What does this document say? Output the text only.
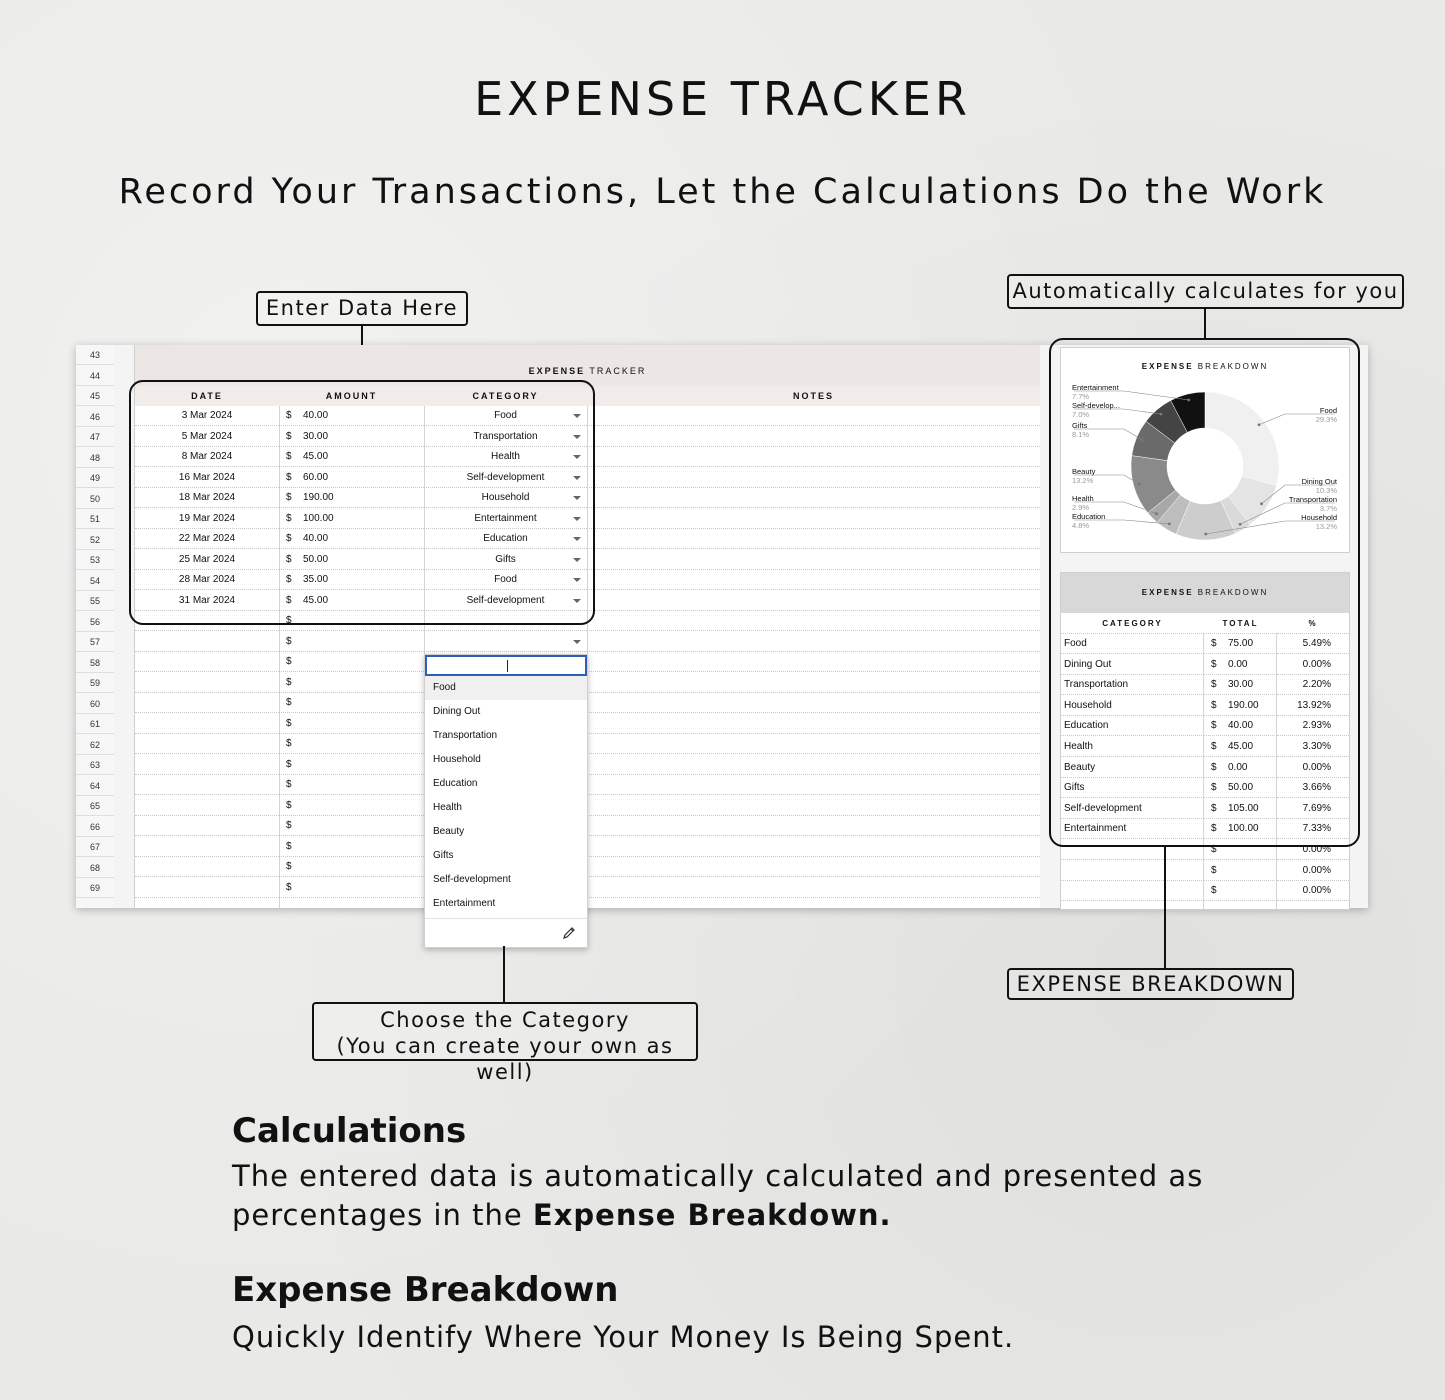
EXPENSE TRACKER
Record Your Transactions, Let the Calculations Do the Work
Enter Data Here
Automatically calculates for you
43
44
45
46
47
48
49
50
51
52
53
54
55
56
57
58
59
60
61
62
63
64
65
66
67
68
69
EXPENSE TRACKER
DATE	AMOUNT	CATEGORY	NOTES
3 Mar 2024	$ 40.00	Food
5 Mar 2024	$ 30.00	Transportation
8 Mar 2024	$ 45.00	Health
16 Mar 2024	$ 60.00	Self-development
18 Mar 2024	$ 190.00	Household
19 Mar 2024	$ 100.00	Entertainment
22 Mar 2024	$ 40.00	Education
25 Mar 2024	$ 50.00	Gifts
28 Mar 2024	$ 35.00	Food
31 Mar 2024	$ 45.00	Self-development
$
$
$
$
$
$
$
$
$
$
$
$
$
$
EXPENSE BREAKDOWN
Food
29.3%
Dining Out
10.3%
Transportation
3.7%
Household
13.2%
Education
4.8%
Health
2.9%
Beauty
13.2%
Gifts
8.1%
Self-develop...
7.0%
Entertainment
7.7%
EXPENSE BREAKDOWN
CATEGORY	TOTAL	%
Food	$ 75.00	5.49%
Dining Out	$ 0.00	0.00%
Transportation	$ 30.00	2.20%
Household	$ 190.00	13.92%
Education	$ 40.00	2.93%
Health	$ 45.00	3.30%
Beauty	$ 0.00	0.00%
Gifts	$ 50.00	3.66%
Self-development	$ 105.00	7.69%
Entertainment	$ 100.00	7.33%
$	0.00%
$	0.00%
$	0.00%
Food
Dining Out
Transportation
Household
Education
Health
Beauty
Gifts
Self-development
Entertainment
Choose the Category
(You can create your own as well)
EXPENSE BREAKDOWN
Calculations
The entered data is automatically calculated and presented as
percentages in the Expense Breakdown.
Expense Breakdown
Quickly Identify Where Your Money Is Being Spent.
